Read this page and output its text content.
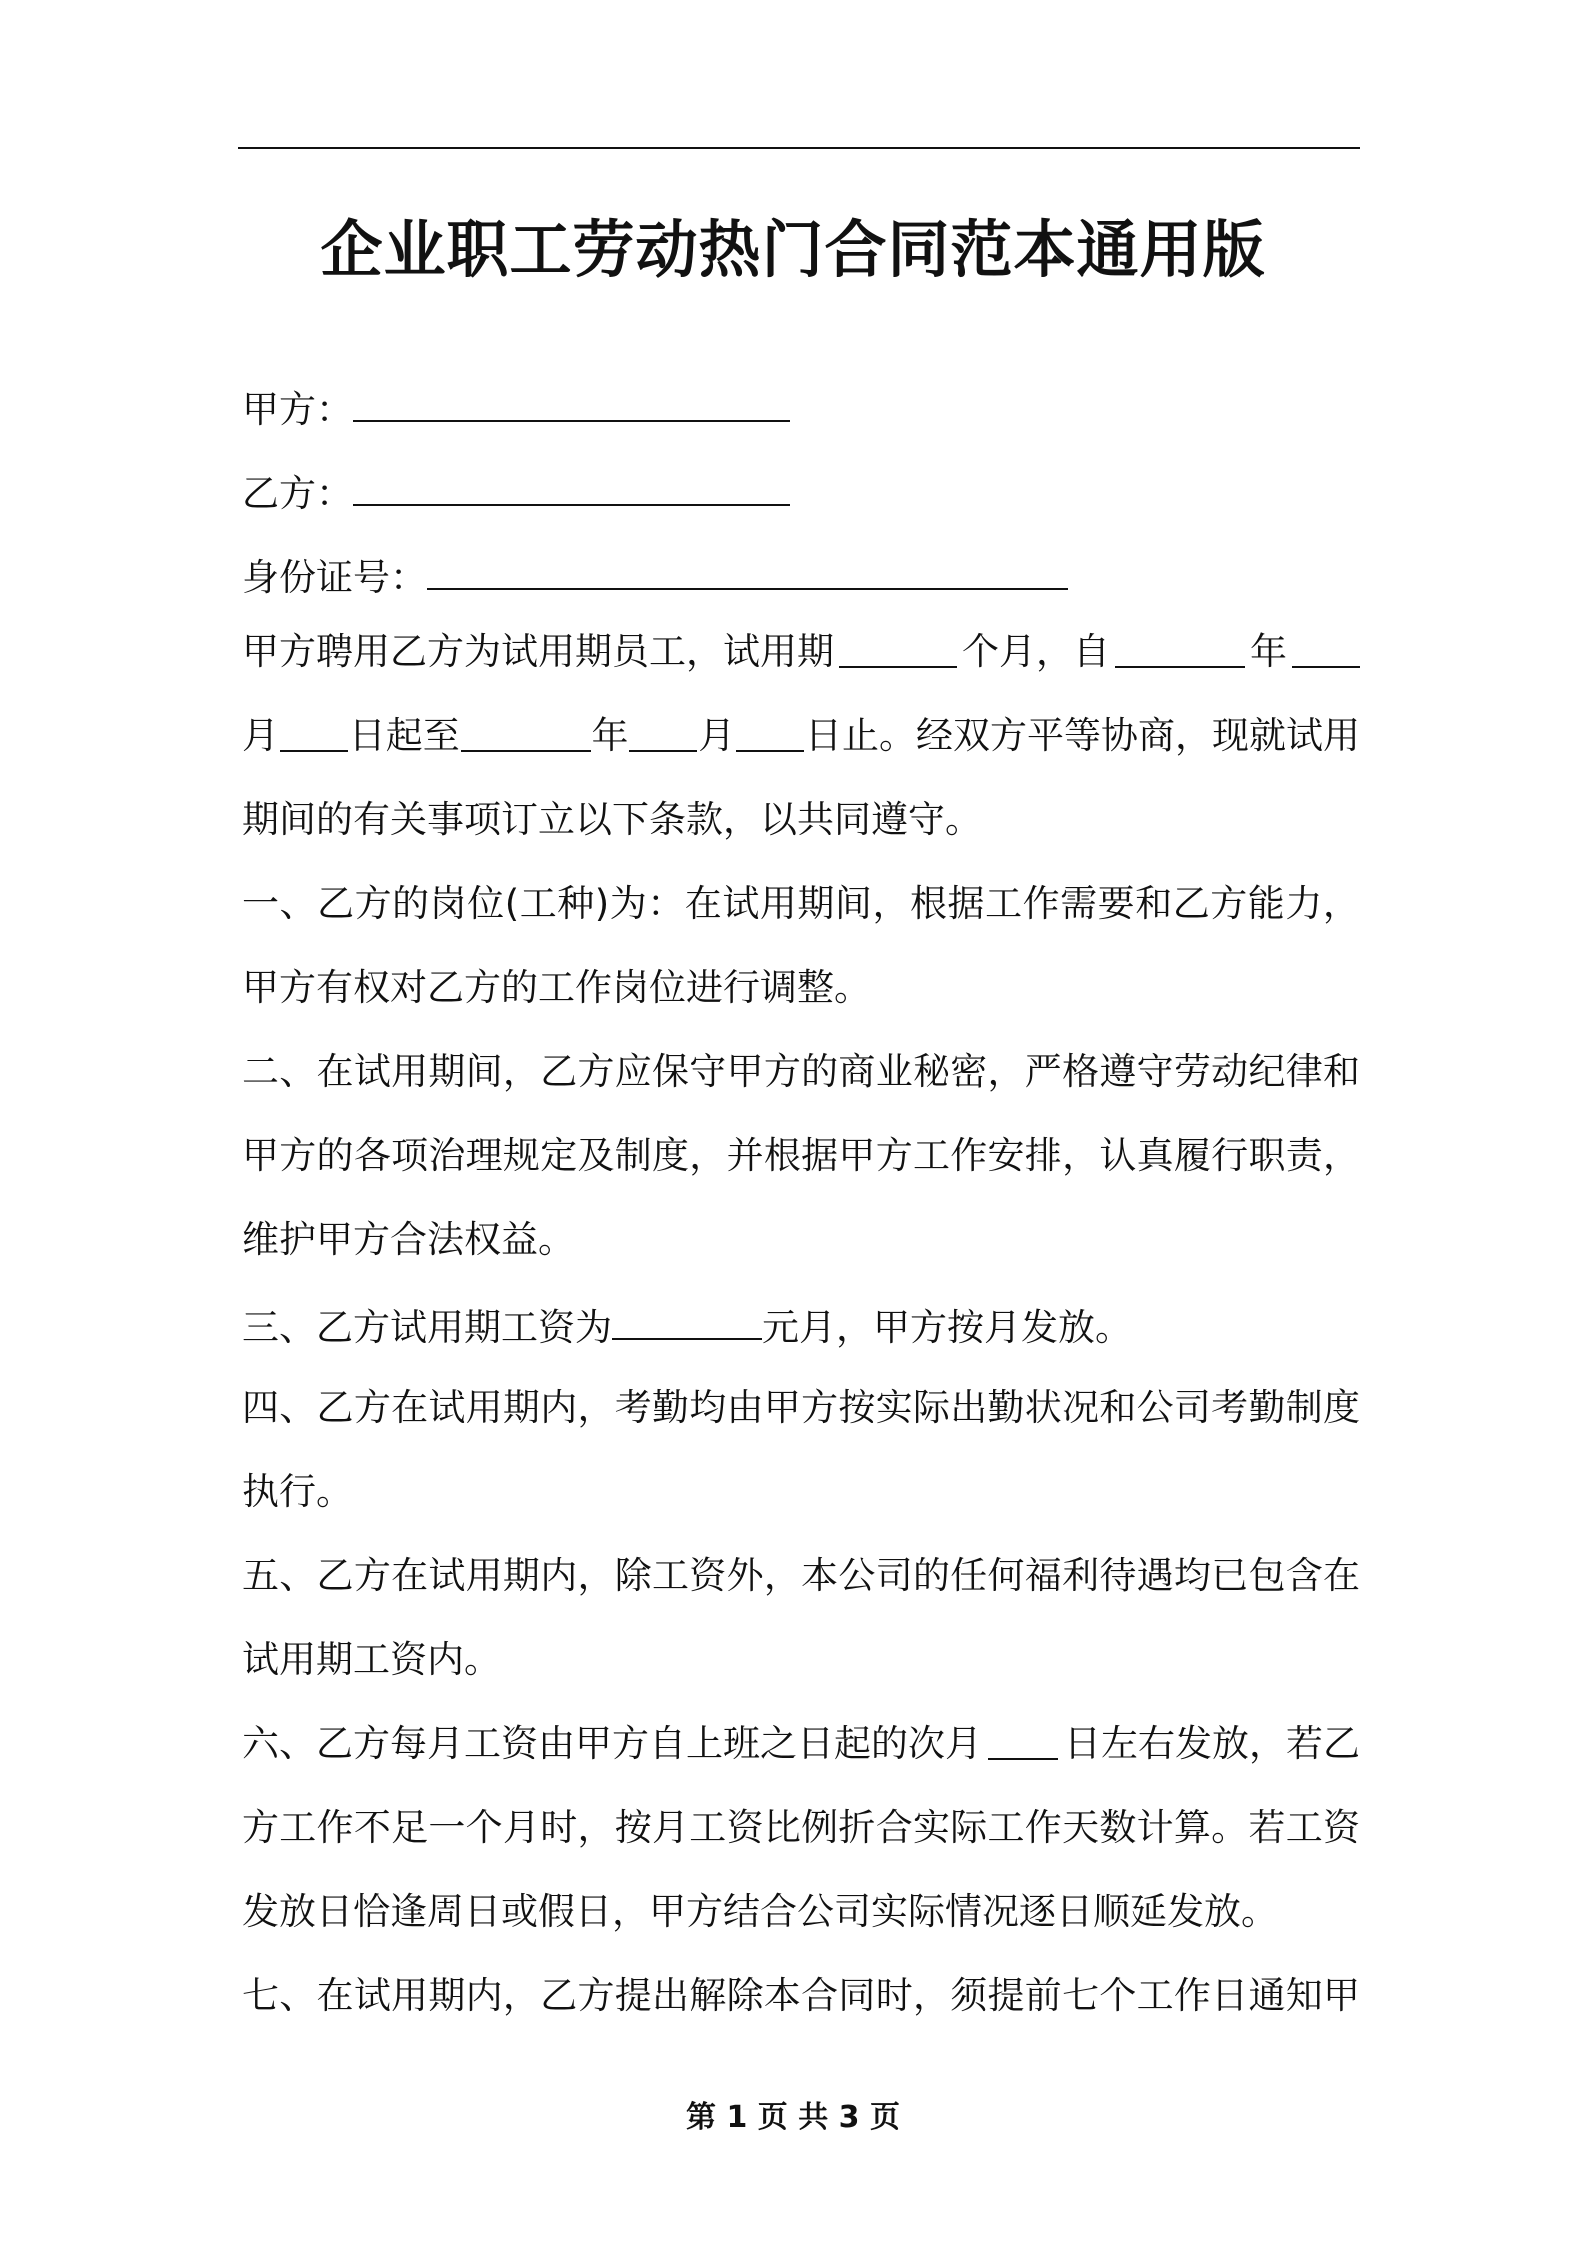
企业职工劳动热门合同范本通用版
甲方：
乙方：
身份证号：
甲方聘用乙方为试用期员工，试用期	个月，自	年
月 日起至	年 月 日止。经双方平等协商，现就试用
期间的有关事项订立以下条款，以共同遵守。
一、乙方的岗位(工种)为：在试用期间，根据工作需要和乙方能力，
甲方有权对乙方的工作岗位进行调整。
二、在试用期间，乙方应保守甲方的商业秘密，严格遵守劳动纪律和
甲方的各项治理规定及制度，并根据甲方工作安排，认真履行职责，
维护甲方合法权益。
三、乙方试用期工资为	元月，甲方按月发放。
四、乙方在试用期内，考勤均由甲方按实际出勤状况和公司考勤制度
执行。
五、乙方在试用期内，除工资外，本公司的任何福利待遇均已包含在
试用期工资内。
六、乙方每月工资由甲方自上班之日起的次月 日左右发放，若乙
方工作不足一个月时，按月工资比例折合实际工作天数计算。若工资
发放日恰逢周日或假日，甲方结合公司实际情况逐日顺延发放。
七、在试用期内，乙方提出解除本合同时，须提前七个工作日通知甲
第 1 页 共 3 页
